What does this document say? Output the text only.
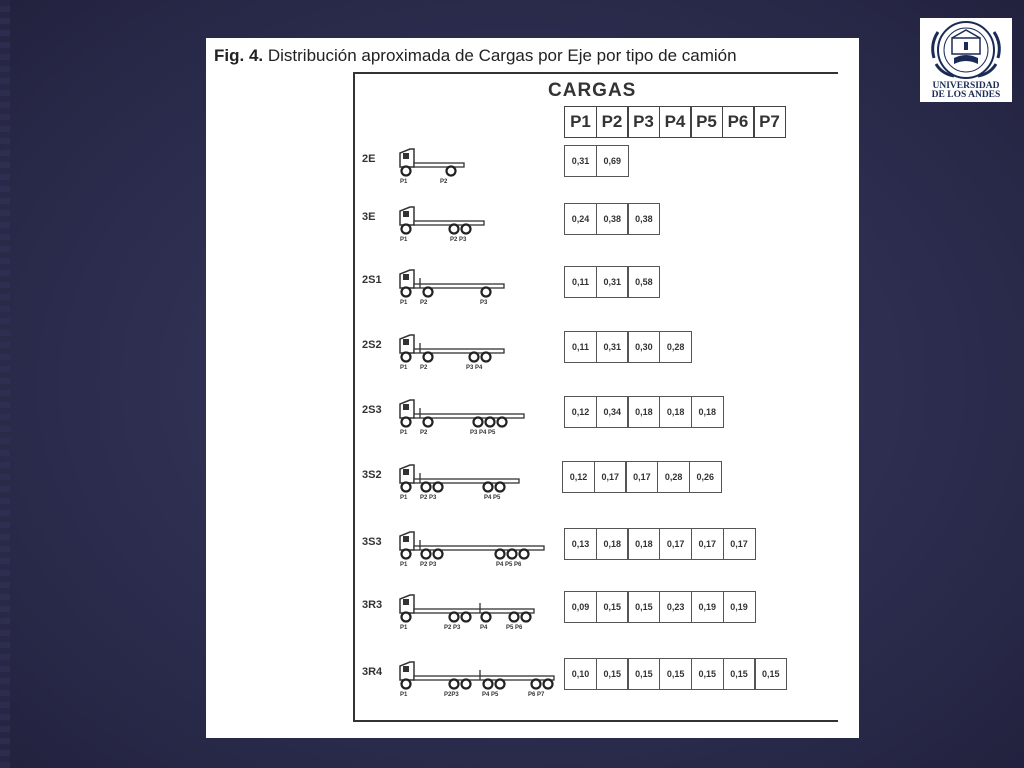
Fig. 4. Distribución aproximada de Cargas por Eje por tipo de camión
CARGAS
P1 P2 P3 P4 P5 P6 P7
2E
P1	P2
0,31	0,69
3E
P1	P2 P3
0,24	0,38	0,38
2S1
P1 P2	P3
0,11	0,31	0,58
2S2
P1 P2	P3 P4
0,11	0,31	0,30	0,28
2S3
P1 P2	P3 P4 P5
0,12	0,34	0,18	0,18	0,18
3S2
P1 P2 P3	P4 P5
0,12	0,17	0,17	0,28	0,26
3S3
P1 P2 P3	P4 P5 P6
0,13	0,18	0,18	0,17	0,17	0,17
3R3
P1	P2 P3	P4	P5 P6
0,09	0,15	0,15	0,23	0,19	0,19
3R4
P1	P2P3	P4 P5	P6 P7
0,10	0,15	0,15	0,15	0,15	0,15	0,15
UNIVERSIDAD
DE LOS ANDES
